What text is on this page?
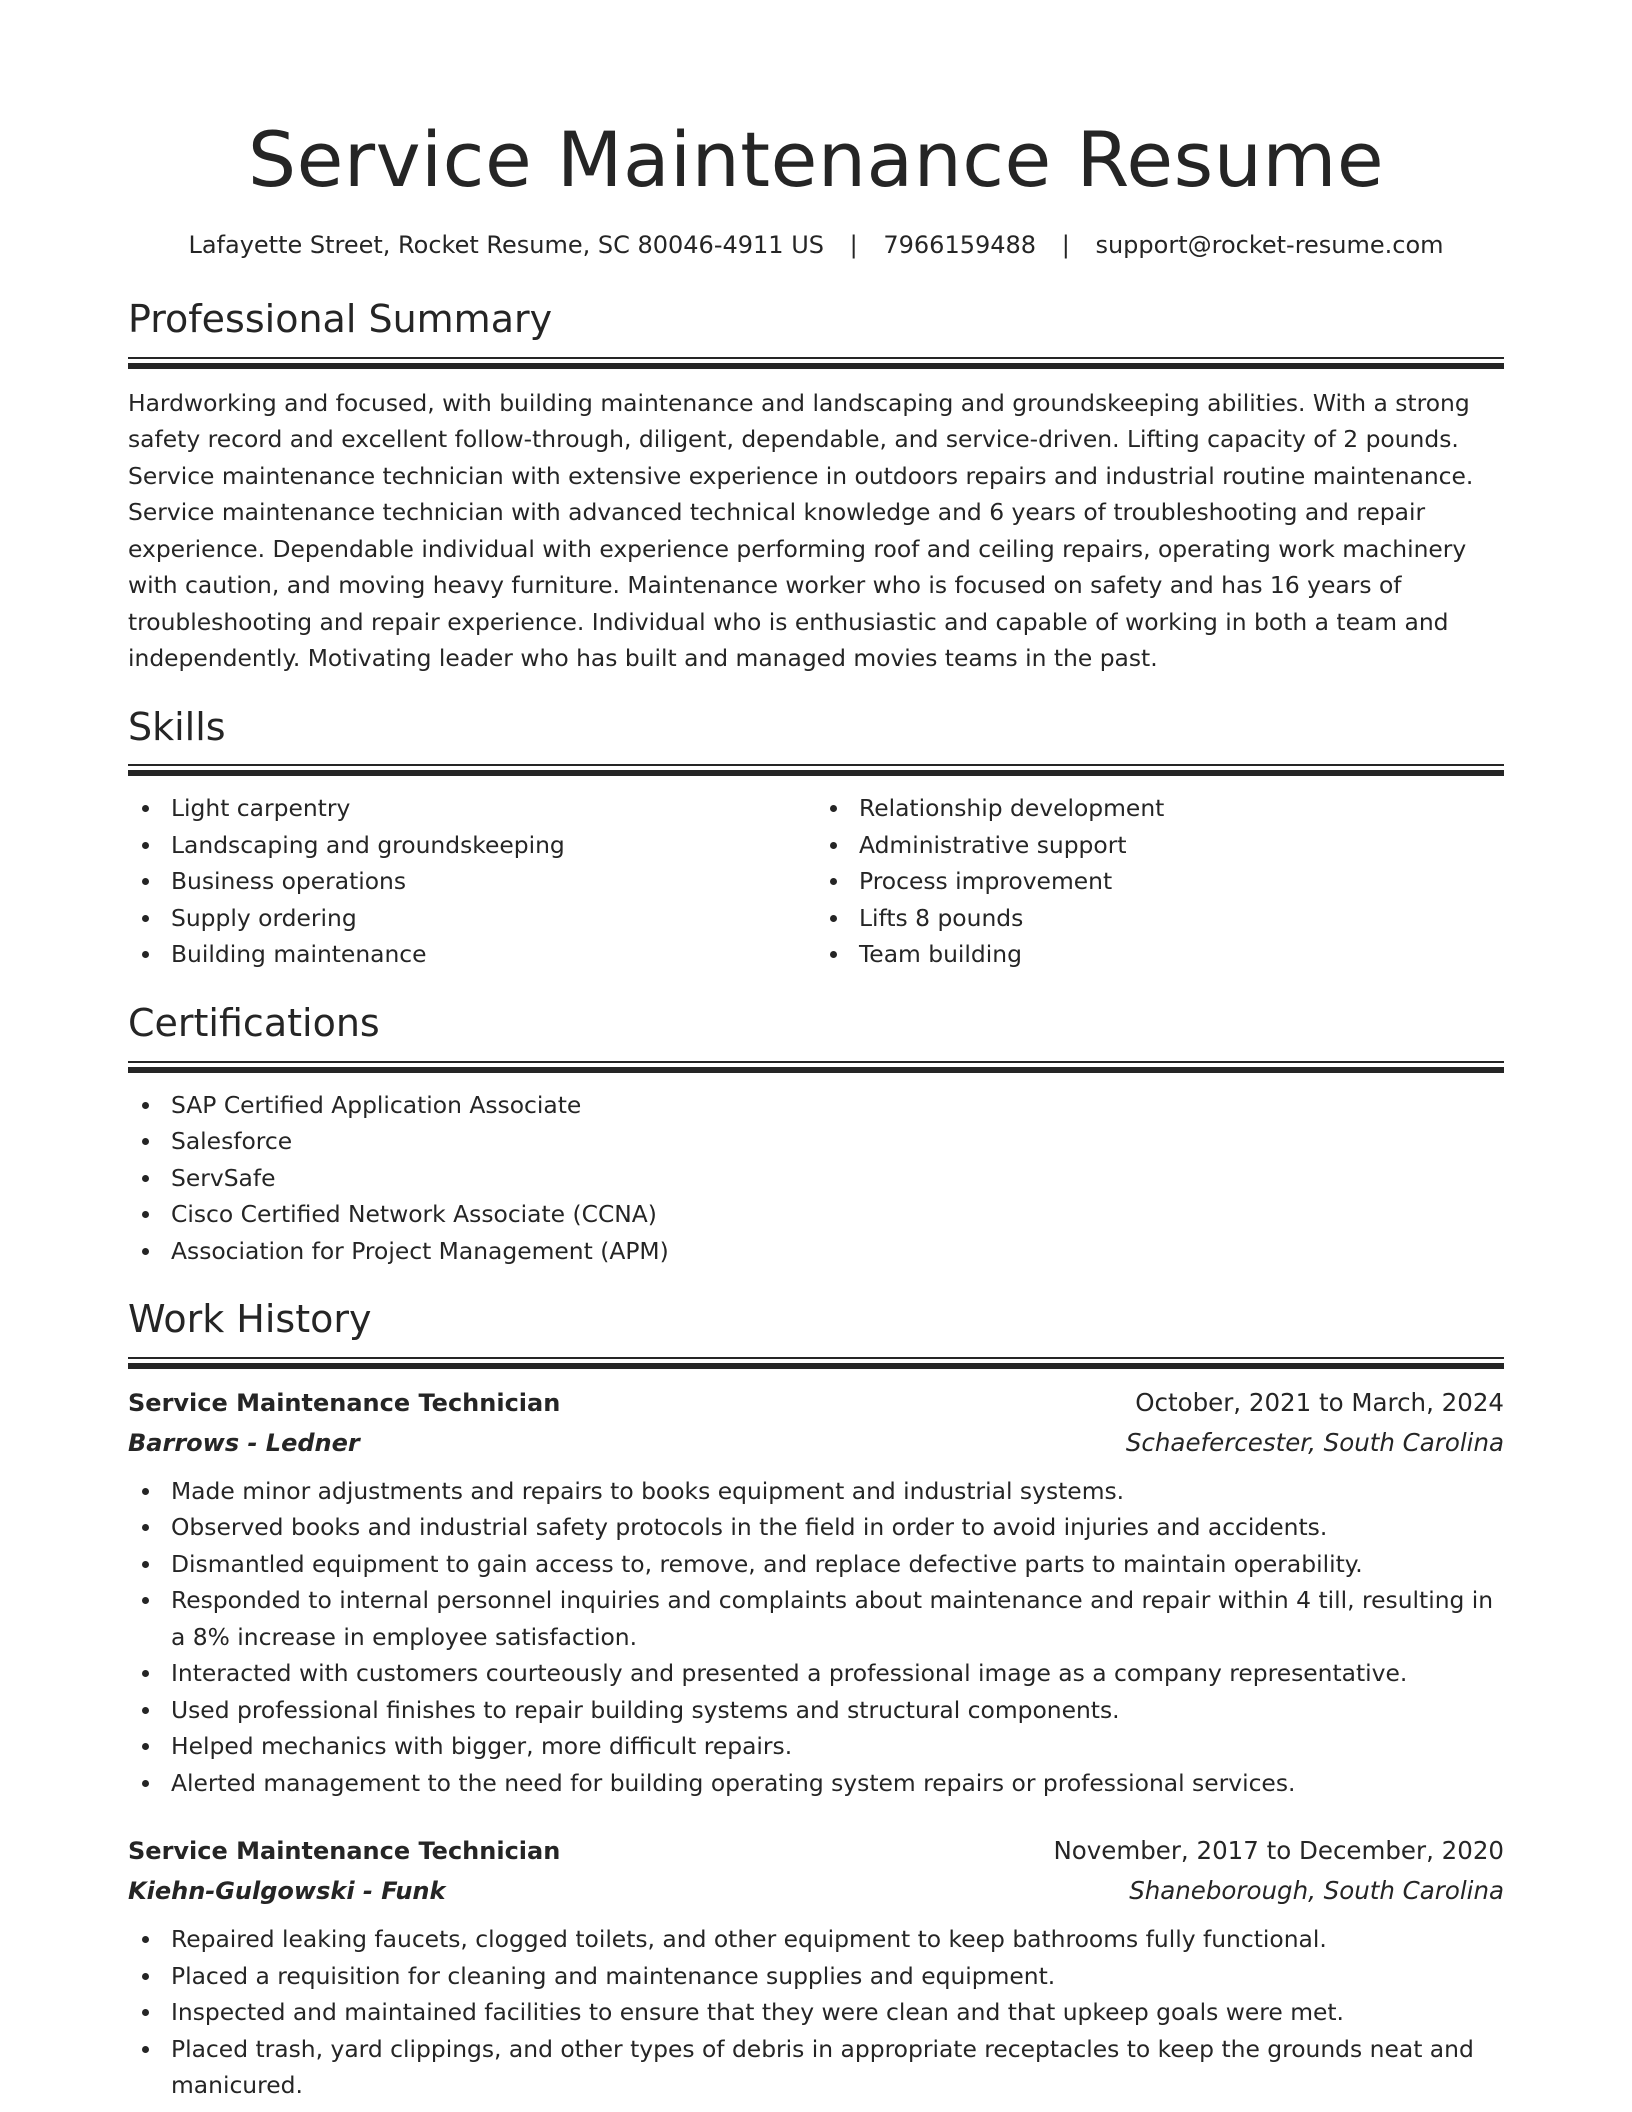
Service Maintenance Resume
Lafayette Street, Rocket Resume, SC 80046-4911 US | 7966159488 | support@rocket-resume.com
Professional Summary
Hardworking and focused, with building maintenance and landscaping and groundskeeping abilities. With a strong safety record and excellent follow-through, diligent, dependable, and service-driven. Lifting capacity of 2 pounds. Service maintenance technician with extensive experience in outdoors repairs and industrial routine maintenance. Service maintenance technician with advanced technical knowledge and 6 years of troubleshooting and repair experience. Dependable individual with experience performing roof and ceiling repairs, operating work machinery with caution, and moving heavy furniture. Maintenance worker who is focused on safety and has 16 years of troubleshooting and repair experience. Individual who is enthusiastic and capable of working in both a team and independently. Motivating leader who has built and managed movies teams in the past.
Skills
Light carpentry
Landscaping and groundskeeping
Business operations
Supply ordering
Building maintenance
Relationship development
Administrative support
Process improvement
Lifts 8 pounds
Team building
Certifications
SAP Certified Application Associate
Salesforce
ServSafe
Cisco Certified Network Associate (CCNA)
Association for Project Management (APM)
Work History
Service Maintenance Technician	October, 2021 to March, 2024
Barrows - Ledner	Schaefercester, South Carolina
Made minor adjustments and repairs to books equipment and industrial systems.
Observed books and industrial safety protocols in the field in order to avoid injuries and accidents.
Dismantled equipment to gain access to, remove, and replace defective parts to maintain operability.
Responded to internal personnel inquiries and complaints about maintenance and repair within 4 till, resulting in a 8% increase in employee satisfaction.
Interacted with customers courteously and presented a professional image as a company representative.
Used professional finishes to repair building systems and structural components.
Helped mechanics with bigger, more difficult repairs.
Alerted management to the need for building operating system repairs or professional services.
Service Maintenance Technician	November, 2017 to December, 2020
Kiehn-Gulgowski - Funk	Shaneborough, South Carolina
Repaired leaking faucets, clogged toilets, and other equipment to keep bathrooms fully functional.
Placed a requisition for cleaning and maintenance supplies and equipment.
Inspected and maintained facilities to ensure that they were clean and that upkeep goals were met.
Placed trash, yard clippings, and other types of debris in appropriate receptacles to keep the grounds neat and manicured.
